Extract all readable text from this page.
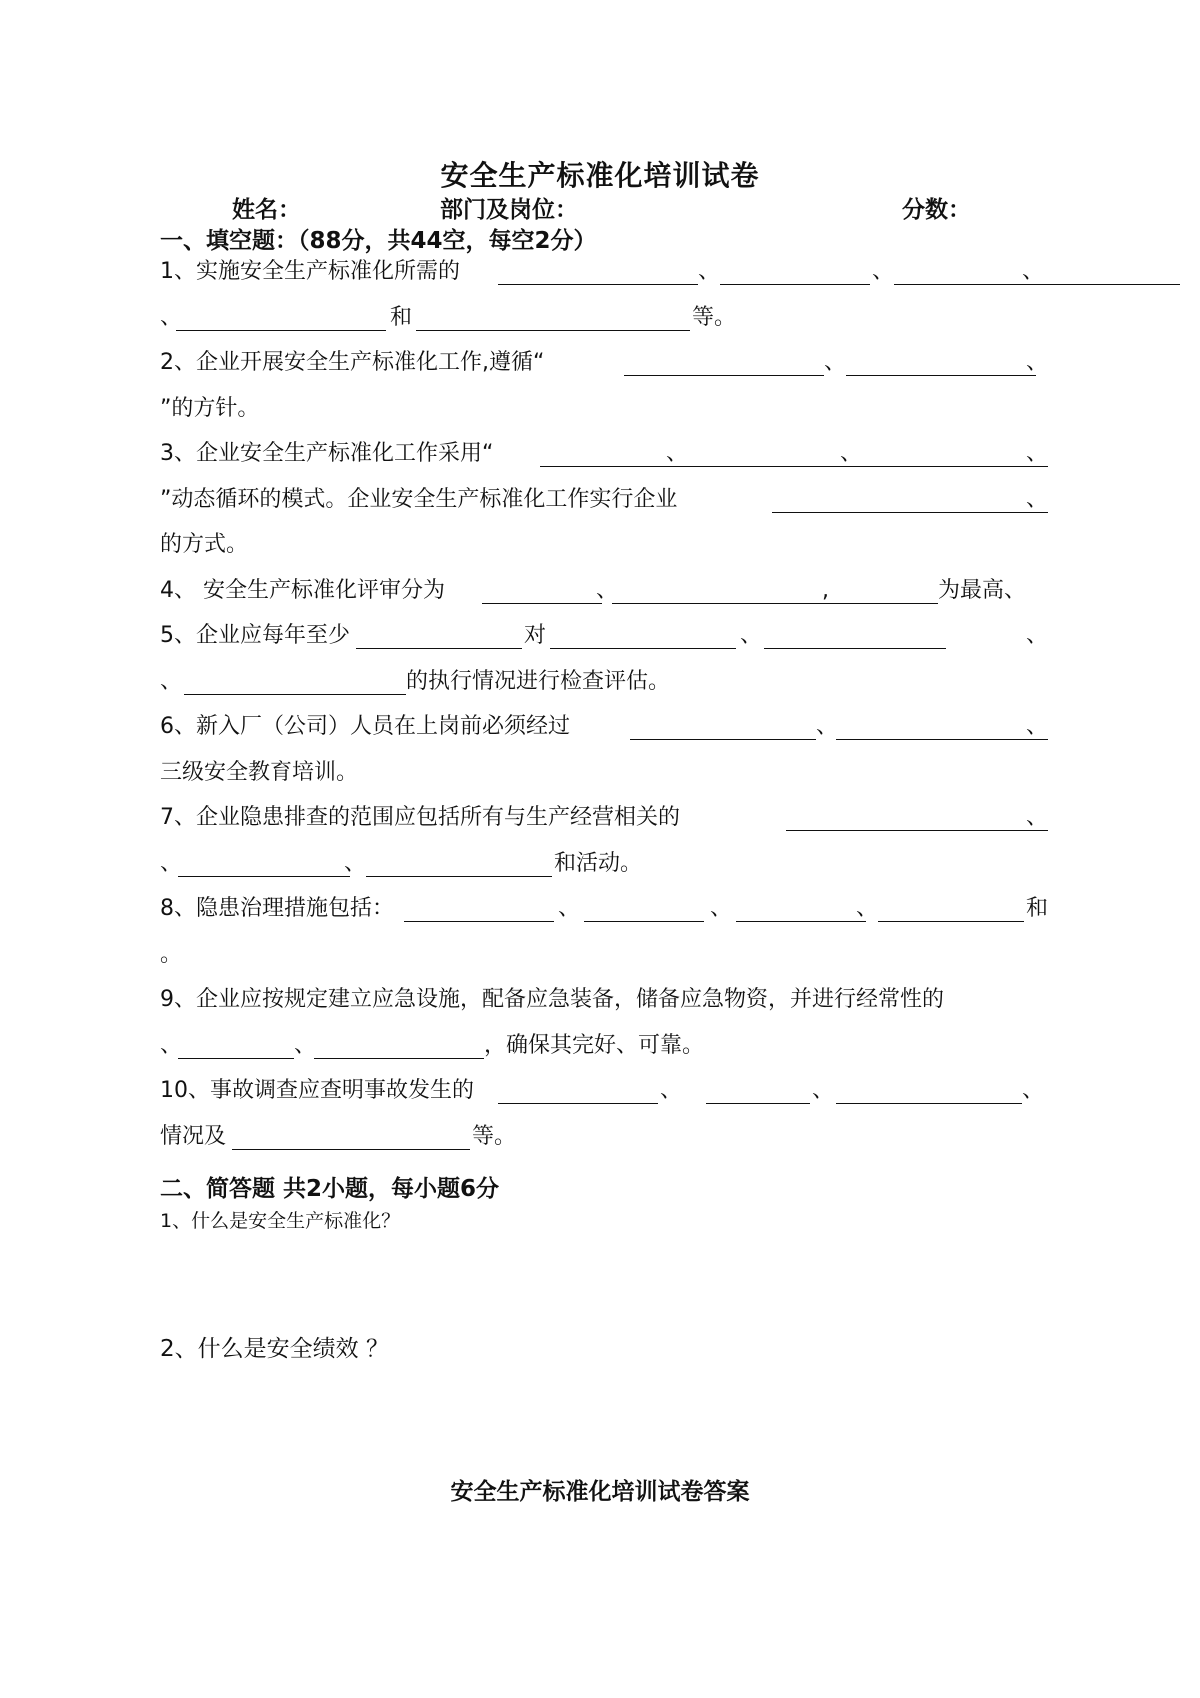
安全生产标准化培训试卷
姓名：	部门及岗位：	分数：
一、填空题：（88分，共44空，每空2分）
1、实施安全生产标准化所需的	、	、	、
、	和	等。
2、企业开展安全生产标准化工作,遵循“	、	、
”的方针。
3、企业安全生产标准化工作采用“	、	、	、
”动态循环的模式。企业安全生产标准化工作实行企业	、
的方式。
4、 安全生产标准化评审分为	、	,	为最高、
5、企业应每年至少	对	、	、
、	的执行情况进行检查评估。
6、新入厂（公司）人员在上岗前必须经过	、	、
三级安全教育培训。
7、企业隐患排查的范围应包括所有与生产经营相关的	、
、	、	和活动。
8、隐患治理措施包括：	、	、	、	和
。
9、企业应按规定建立应急设施，配备应急装备，储备应急物资，并进行经常性的
、	、	，确保其完好、可靠。
10、事故调查应查明事故发生的	、	、	、
情况及	等。
二、简答题 共2小题，每小题6分
1、什么是安全生产标准化？
2、什么是安全绩效 ？
安全生产标准化培训试卷答案
